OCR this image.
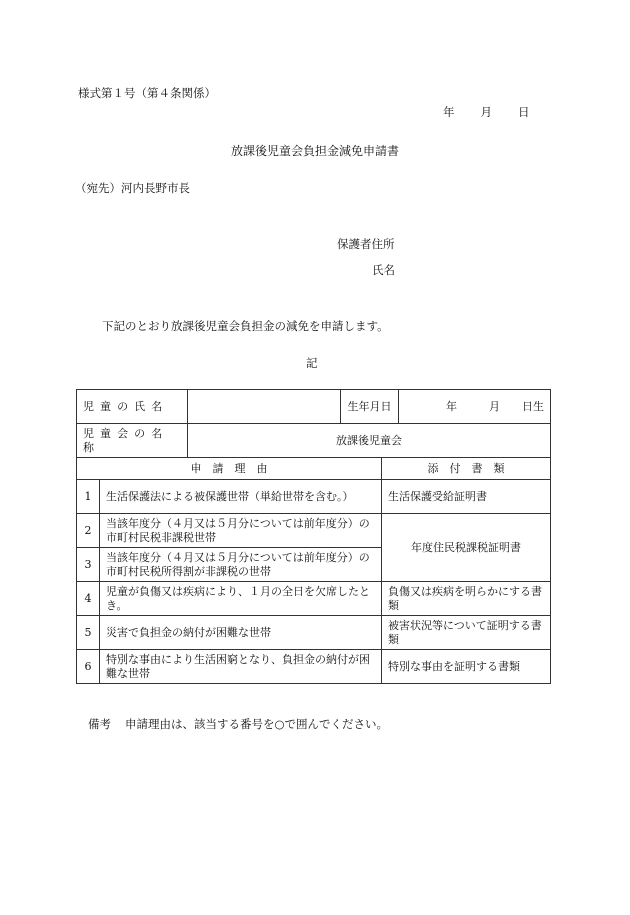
様式第１号（第４条関係）
年 月 日
放課後児童会負担金減免申請書
（宛先）河内長野市長
保護者住所
氏名
下記のとおり放課後児童会負担金の減免を申請します。
記
児童の氏名			生年月日		年 月 日生
児童会の名称		放課後児童会			
申　請　理　由				添　付　書　類	
1	生活保護法による被保護世帯（単給世帯を含む。）			生活保護受給証明書	
2	当該年度分（４月又は５月分については前年度分）の市町村民税非課税世帯			年度住民税課税証明書	
3	当該年度分（４月又は５月分については前年度分）の市町村民税所得割が非課税の世帯				
4	児童が負傷又は疾病により、１月の全日を欠席したとき。			負傷又は疾病を明らかにする書類	
5	災害で負担金の納付が困難な世帯			被害状況等について証明する書類	
6	特別な事由により生活困窮となり、負担金の納付が困難な世帯			特別な事由を証明する書類	
備考 申請理由は、該当する番号を○で囲んでください。
